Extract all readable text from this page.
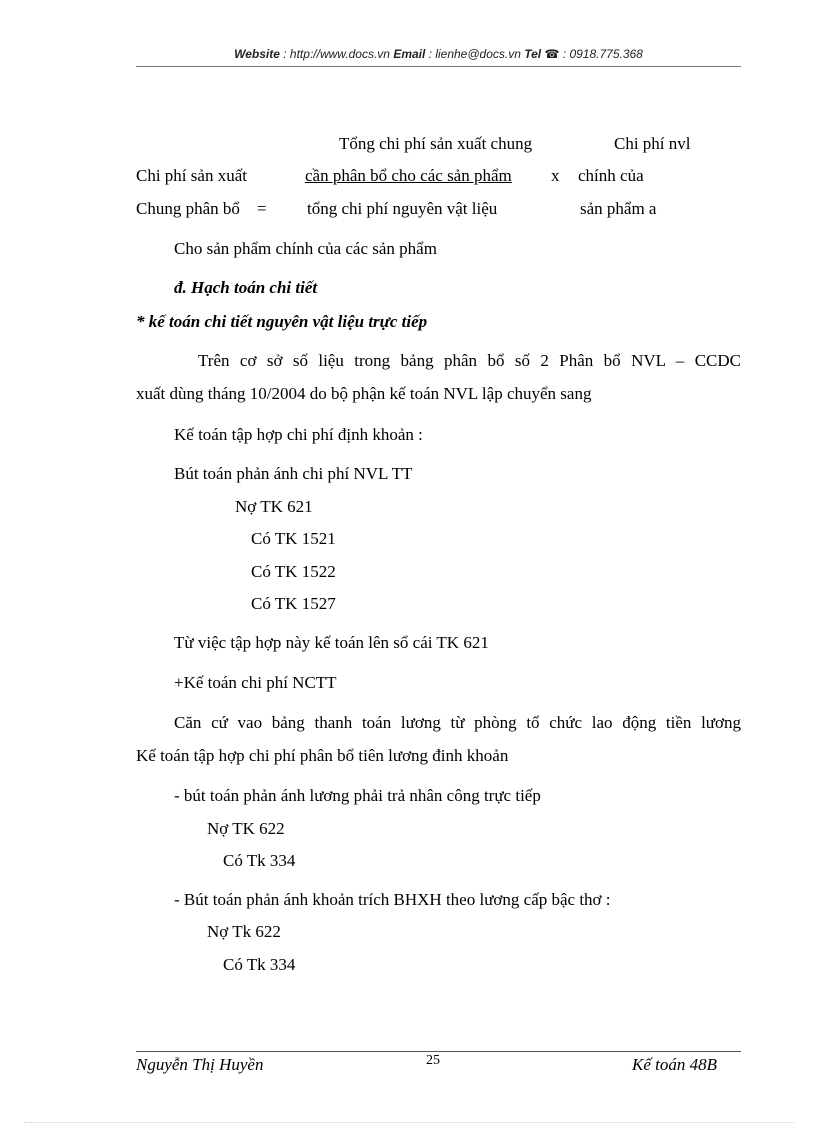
Website : http://www.docs.vn Email : lienhe@docs.vn Tel ☎ : 0918.775.368
Tổng chi phí sản xuất chung	Chi phí nvl
Chi phí sản xuất	cần phân bổ cho các sản phẩm x chính của
Chung phân bổ = tổng chi phí nguyên vật liệu	sản phẩm a
Cho sản phẩm chính của các sản phẩm
đ. Hạch toán chi tiết
* kế toán chi tiết nguyên vật liệu trực tiếp
Trên cơ sở số liệu trong bảng phân bổ số 2 Phân bổ NVL – CCDC
xuất dùng tháng 10/2004 do bộ phận kế toán NVL lập chuyển sang
Kế toán tập hợp chi phí định khoản :
Bút toán phản ánh chi phí NVL TT
Nợ TK 621
Có TK 1521
Có TK 1522
Có TK 1527
Từ việc tập hợp này kế toán lên sổ cái TK 621
+Kế toán chi phí NCTT
Căn cứ vao bảng thanh toán lương từ phòng tổ chức lao động tiền lương
Kế toán tập hợp chi phí phân bổ tiên lương đinh khoản
- bút toán phản ánh lương phải trả nhân công trực tiếp
Nợ TK 622
Có Tk 334
- Bút toán phản ánh khoản trích BHXH theo lương cấp bậc thơ :
Nợ Tk 622
Có Tk 334
Nguyễn Thị Huyền	25	Kế toán 48B
